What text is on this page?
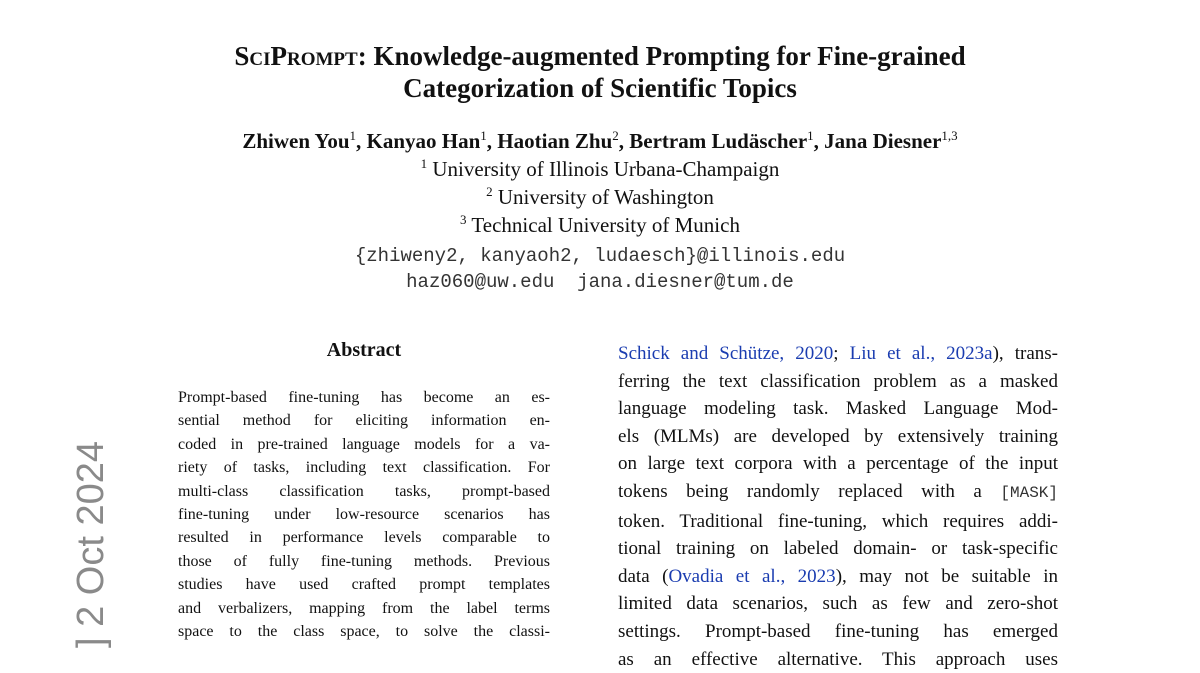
] 2 Oct 2024
SciPrompt: Knowledge-augmented Prompting for Fine-grained
Categorization of Scientific Topics
Zhiwen You$^1$, Kanyao Han$^1$, Haotian Zhu$^2$, Bertram Ludäscher$^1$, Jana Diesner$^{1,3}$
$^1$ University of Illinois Urbana-Champaign
$^2$ University of Washington
$^3$ Technical University of Munich
{zhiweny2, kanyaoh2, ludaesch}@illinois.edu
haz060@uw.edu  jana.diesner@tum.de
Abstract
Prompt-based fine-tuning has become an es-
sential method for eliciting information en-
coded in pre-trained language models for a va-
riety of tasks, including text classification. For
multi-class classification tasks, prompt-based
fine-tuning under low-resource scenarios has
resulted in performance levels comparable to
those of fully fine-tuning methods. Previous
studies have used crafted prompt templates
and verbalizers, mapping from the label terms
space to the class space, to solve the classi-
Schick and Schütze, 2020; Liu et al., 2023a), trans-
ferring the text classification problem as a masked
language modeling task. Masked Language Mod-
els (MLMs) are developed by extensively training
on large text corpora with a percentage of the input
tokens being randomly replaced with a [MASK]
token. Traditional fine-tuning, which requires addi-
tional training on labeled domain- or task-specific
data (Ovadia et al., 2023), may not be suitable in
limited data scenarios, such as few and zero-shot
settings. Prompt-based fine-tuning has emerged
as an effective alternative. This approach uses
